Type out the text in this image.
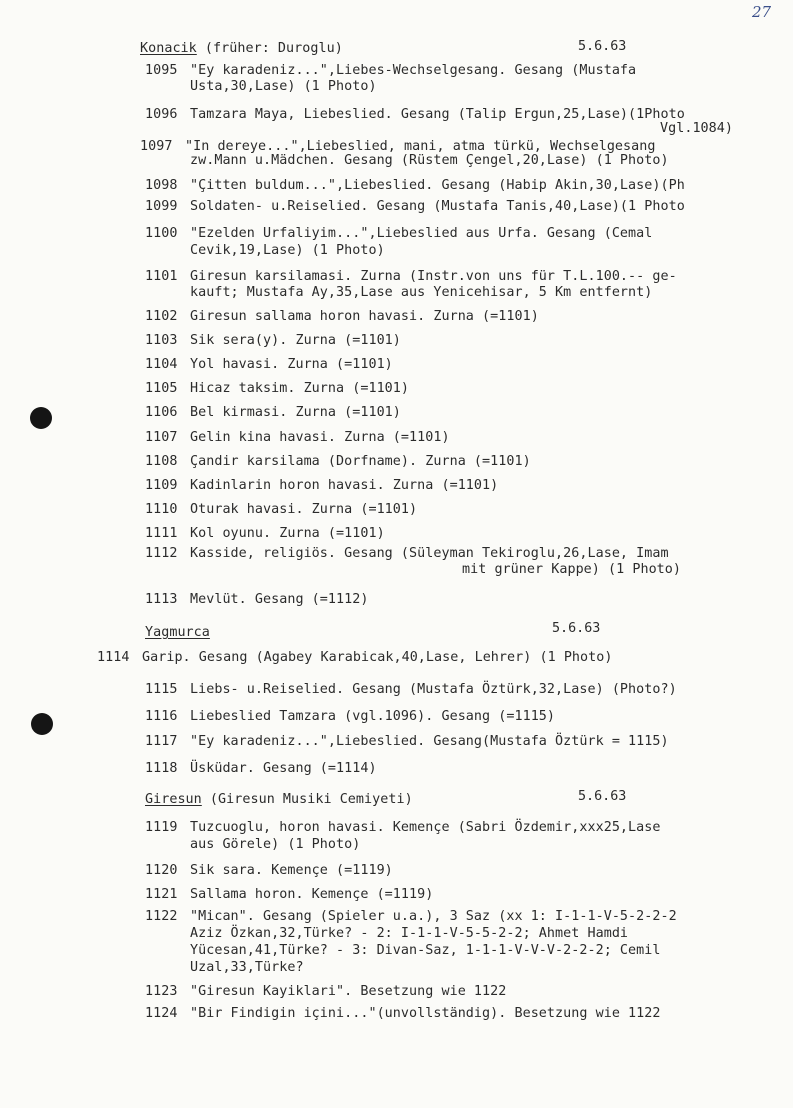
27
Konacik (früher: Duroglu)	5.6.63
1095 "Ey karadeniz...",Liebes-Wechselgesang. Gesang (Mustafa
Usta,30,Lase) (1 Photo)
1096 Tamzara Maya, Liebeslied. Gesang (Talip Ergun,25,Lase)(1Photo
Vgl.1084)
1097 "In dereye...",Liebeslied, mani, atma türkü, Wechselgesang
zw.Mann u.Mädchen. Gesang (Rüstem Çengel,20,Lase) (1 Photo)
1098 "Çitten buldum...",Liebeslied. Gesang (Habip Akin,30,Lase)(Ph
1099 Soldaten- u.Reiselied. Gesang (Mustafa Tanis,40,Lase)(1 Photo
1100 "Ezelden Urfaliyim...",Liebeslied aus Urfa. Gesang (Cemal
Cevik,19,Lase) (1 Photo)
1101 Giresun karsilamasi. Zurna (Instr.von uns für T.L.100.-- ge-
kauft; Mustafa Ay,35,Lase aus Yenicehisar, 5 Km entfernt)
1102 Giresun sallama horon havasi. Zurna (=1101)
1103 Sik sera(y). Zurna (=1101)
1104 Yol havasi. Zurna (=1101)
1105 Hicaz taksim. Zurna (=1101)
1106 Bel kirmasi. Zurna (=1101)
1107 Gelin kina havasi. Zurna (=1101)
1108 Çandir karsilama (Dorfname). Zurna (=1101)
1109 Kadinlarin horon havasi. Zurna (=1101)
1110 Oturak havasi. Zurna (=1101)
1111 Kol oyunu. Zurna (=1101)
1112 Kasside, religiös. Gesang (Süleyman Tekiroglu,26,Lase, Imam
mit grüner Kappe) (1 Photo)
1113 Mevlüt. Gesang (=1112)
Yagmurca	5.6.63
1114 Garip. Gesang (Agabey Karabicak,40,Lase, Lehrer) (1 Photo)
1115 Liebs- u.Reiselied. Gesang (Mustafa Öztürk,32,Lase) (Photo?)
1116 Liebeslied Tamzara (vgl.1096). Gesang (=1115)
1117 "Ey karadeniz...",Liebeslied. Gesang(Mustafa Öztürk = 1115)
1118 Üsküdar. Gesang (=1114)
Giresun (Giresun Musiki Cemiyeti)	5.6.63
1119 Tuzcuoglu, horon havasi. Kemençe (Sabri Özdemir,xxx25,Lase
aus Görele) (1 Photo)
1120 Sik sara. Kemençe (=1119)
1121 Sallama horon. Kemençe (=1119)
1122 "Mican". Gesang (Spieler u.a.), 3 Saz (xx 1: I-1-1-V-5-2-2-2
Aziz Özkan,32,Türke? - 2: I-1-1-V-5-5-2-2; Ahmet Hamdi
Yücesan,41,Türke? - 3: Divan-Saz, 1-1-1-V-V-V-2-2-2; Cemil
Uzal,33,Türke?
1123 "Giresun Kayiklari". Besetzung wie 1122
1124 "Bir Findigin içini..."(unvollständig). Besetzung wie 1122
